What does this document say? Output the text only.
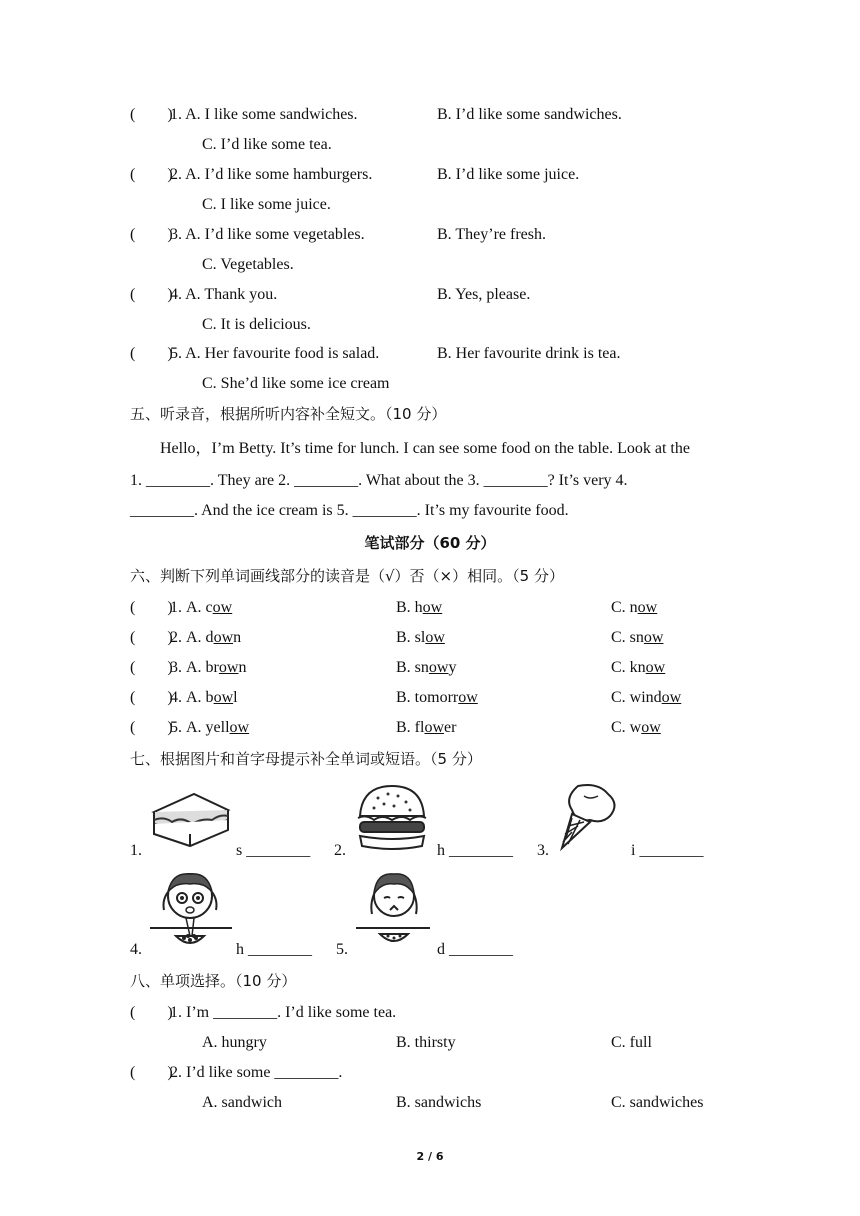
(　　)
1. A. I like some sandwiches.	B. I’d like some sandwiches.
C. I’d like some tea.
(　　)
2. A. I’d like some hamburgers.	B. I’d like some juice.
C. I like some juice.
(　　)
3. A. I’d like some vegetables.	B. They’re fresh.
C. Vegetables.
(　　)
4. A. Thank you.	B. Yes, please.
C. It is delicious.
(　　)
5. A. Her favourite food is salad.	B. Her favourite drink is tea.
C. She’d like some ice cream
五、听录音，根据所听内容补全短文。（10 分）
Hello，I’m Betty. It’s time for lunch. I can see some food on the table. Look at the
1. ________. They are 2. ________. What about the 3. ________? It’s very 4.
________. And the ice cream is 5. ________. It’s my favourite food.
笔试部分（60 分）
六、判断下列单词画线部分的读音是（√）否（×）相同。（5 分）
(　　)
1. A. cow	B. how	C. now
(　　)
2. A. down	B. slow	C. snow
(　　)
3. A. brown	B. snowy	C. know
(　　)
4. A. bowl	B. tomorrow	C. window
(　　)
5. A. yellow	B. flower	C. wow
七、根据图片和首字母提示补全单词或短语。（5 分）
1.	s ________ 2.	h ________ 3.	i ________
4.	h ________ 5.	d ________
八、单项选择。（10 分）
(　　)
1. I’m ________. I’d like some tea.
A. hungry	B. thirsty	C. full
(　　)
2. I’d like some ________.
A. sandwich	B. sandwichs	C. sandwiches
2 / 6
